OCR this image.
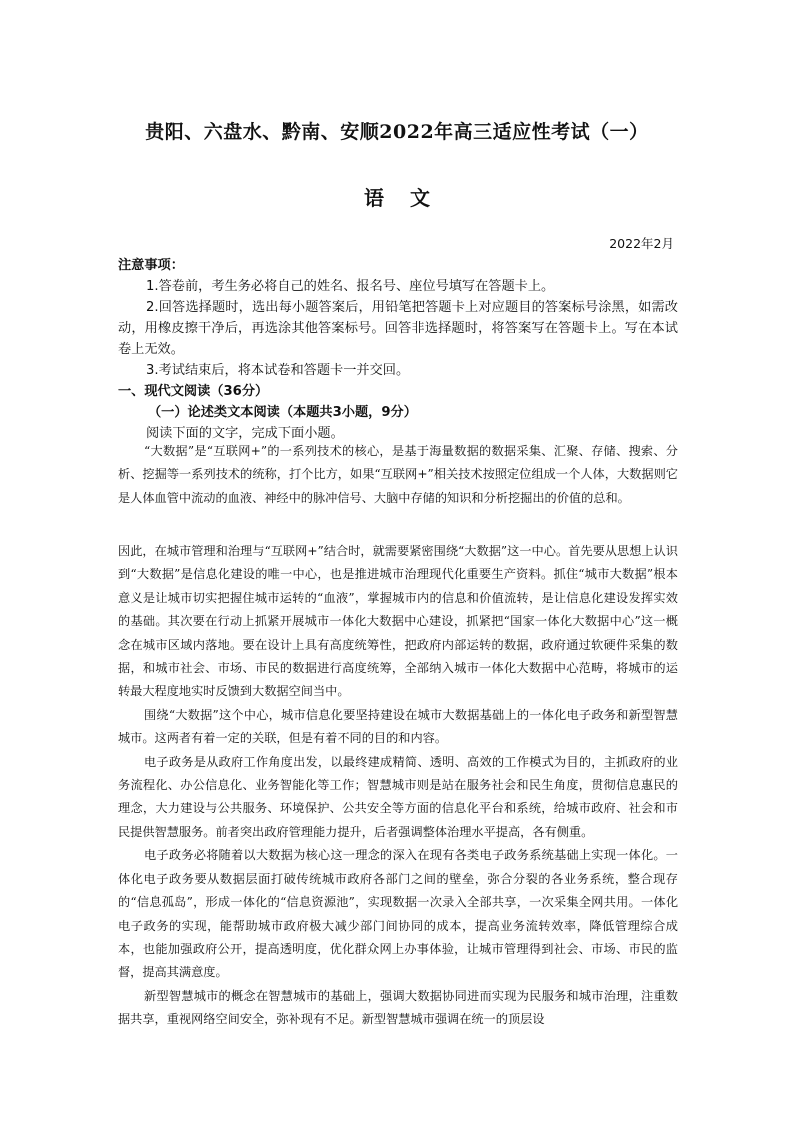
贵阳、六盘水、黔南、安顺2022年高三适应性考试（一）
语文
2022年2月
注意事项：

1.答卷前，考生务必将自己的姓名、报名号、座位号填写在答题卡上。

2.回答选择题时，选出每小题答案后，用铅笔把答题卡上对应题目的答案标号涂黑，如需改动，用橡皮擦干净后，再选涂其他答案标号。回答非选择题时，将答案写在答题卡上。写在本试卷上无效。

3.考试结束后，将本试卷和答题卡一并交回。

一、现代文阅读（36分）
（一）论述类文本阅读（本题共3小题，9分）
阅读下面的文字，完成下面小题。

“大数据”是“互联网+”的一系列技术的核心，是基于海量数据的数据采集、汇聚、存储、搜索、分析、挖掘等一系列技术的统称，打个比方，如果“互联网+”相关技术按照定位组成一个人体，大数据则它是人体血管中流动的血液、神经中的脉冲信号、大脑中存储的知识和分析挖掘出的价值的总和。

因此，在城市管理和治理与“互联网+”结合时，就需要紧密围绕“大数据”这一中心。首先要从思想上认识到“大数据”是信息化建设的唯一中心，也是推进城市治理现代化重要生产资料。抓住“城市大数据”根本意义是让城市切实把握住城市运转的“血液”，掌握城市内的信息和价值流转，是让信息化建设发挥实效的基础。其次要在行动上抓紧开展城市一体化大数据中心建设，抓紧把“国家一体化大数据中心”这一概念在城市区域内落地。要在设计上具有高度统筹性，把政府内部运转的数据，政府通过软硬件采集的数据，和城市社会、市场、市民的数据进行高度统筹，全部纳入城市一体化大数据中心范畴，将城市的运转最大程度地实时反馈到大数据空间当中。

围绕“大数据”这个中心，城市信息化要坚持建设在城市大数据基础上的一体化电子政务和新型智慧城市。这两者有着一定的关联，但是有着不同的目的和内容。

电子政务是从政府工作角度出发，以最终建成精简、透明、高效的工作模式为目的，主抓政府的业务流程化、办公信息化、业务智能化等工作；智慧城市则是站在服务社会和民生角度，贯彻信息惠民的理念，大力建设与公共服务、环境保护、公共安全等方面的信息化平台和系统，给城市政府、社会和市民提供智慧服务。前者突出政府管理能力提升，后者强调整体治理水平提高，各有侧重。

电子政务必将随着以大数据为核心这一理念的深入在现有各类电子政务系统基础上实现一体化。一体化电子政务要从数据层面打破传统城市政府各部门之间的壁垒，弥合分裂的各业务系统，整合现存的“信息孤岛”，形成一体化的“信息资源池”，实现数据一次录入全部共享，一次采集全网共用。一体化电子政务的实现，能帮助城市政府极大减少部门间协同的成本，提高业务流转效率，降低管理综合成本，也能加强政府公开，提高透明度，优化群众网上办事体验，让城市管理得到社会、市场、市民的监督，提高其满意度。

新型智慧城市的概念在智慧城市的基础上，强调大数据协同进而实现为民服务和城市治理，注重数据共享，重视网络空间安全，弥补现有不足。新型智慧城市强调在统一的顶层设
